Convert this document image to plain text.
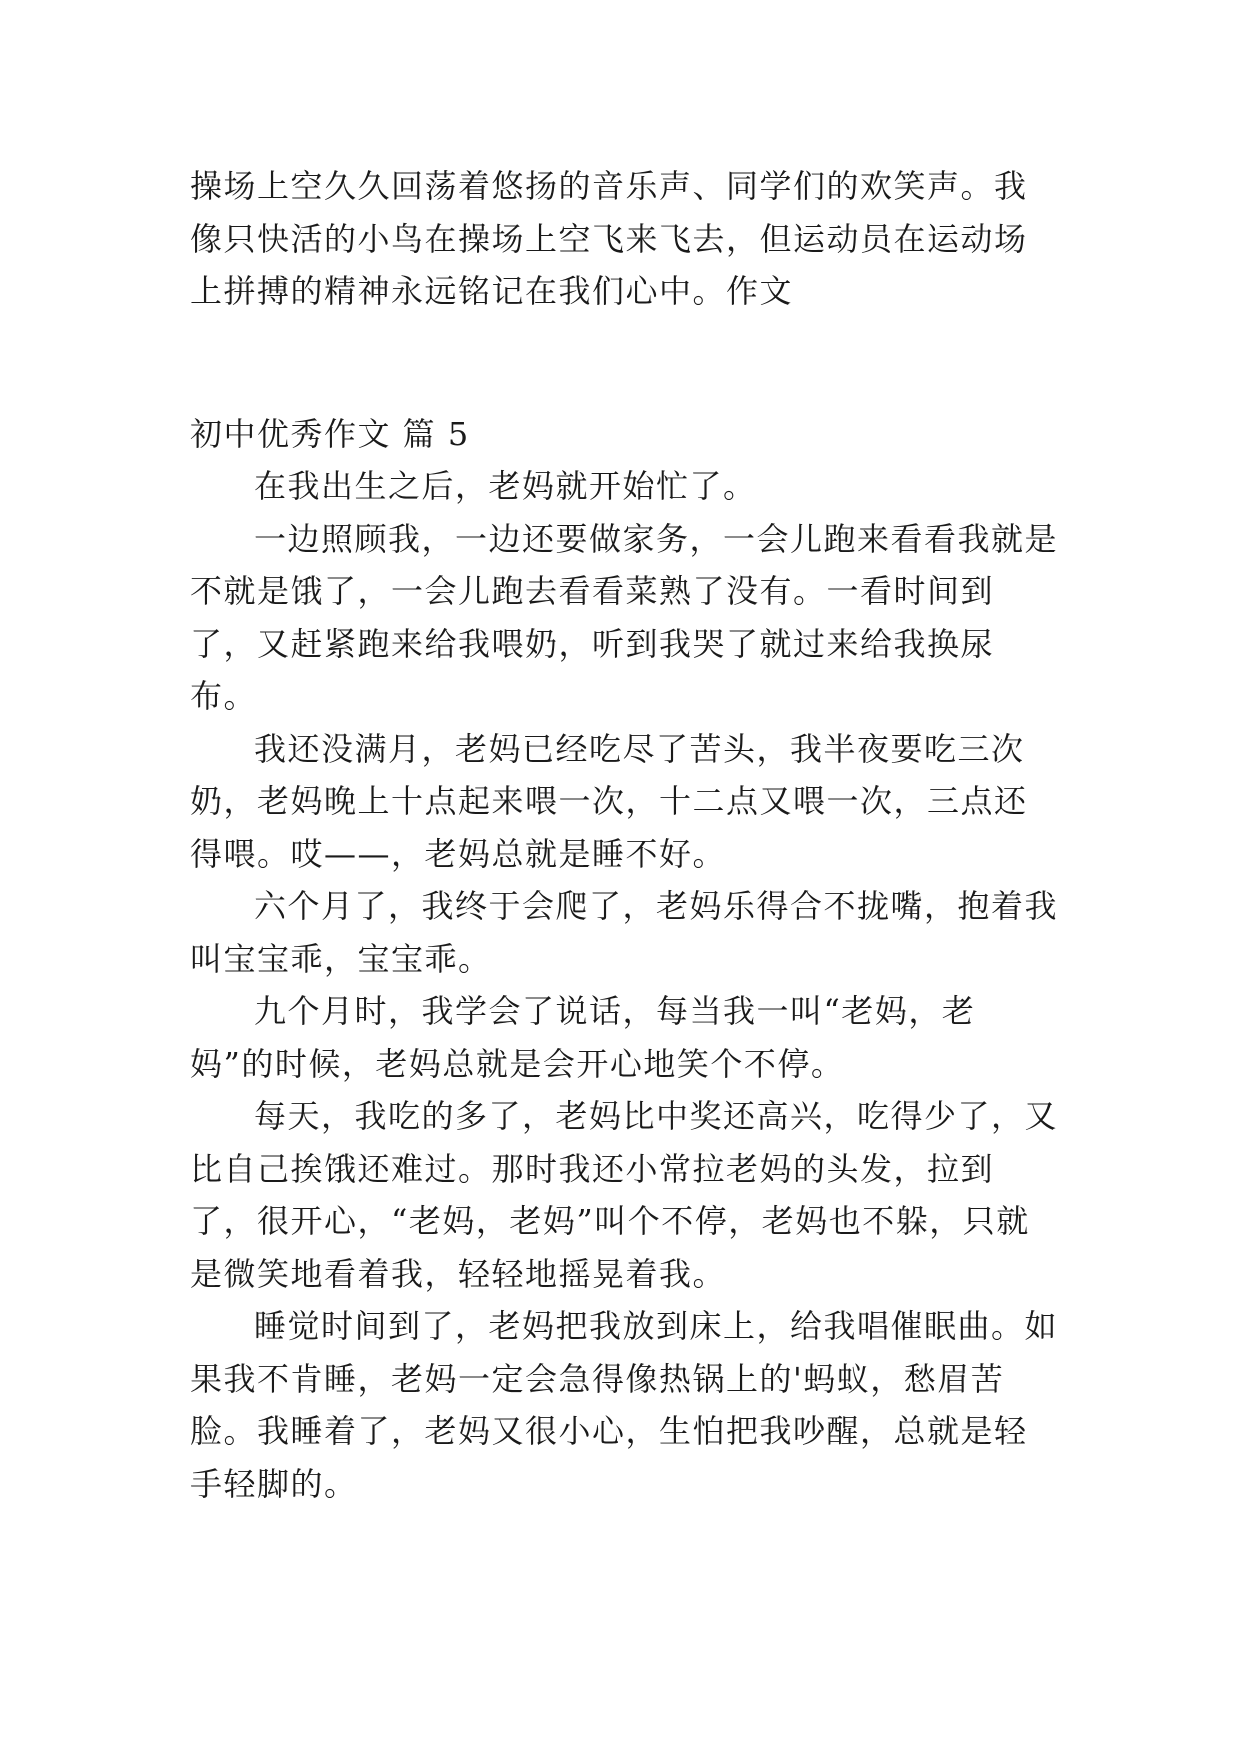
操场上空久久回荡着悠扬的音乐声、同学们的欢笑声。我像只快活的小鸟在操场上空飞来飞去，但运动员在运动场上拼搏的精神永远铭记在我们心中。作文

初中优秀作文 篇 5

在我出生之后，老妈就开始忙了。

一边照顾我，一边还要做家务，一会儿跑来看看我就是不就是饿了，一会儿跑去看看菜熟了没有。一看时间到了，又赶紧跑来给我喂奶，听到我哭了就过来给我换尿布。

我还没满月，老妈已经吃尽了苦头，我半夜要吃三次奶，老妈晚上十点起来喂一次，十二点又喂一次，三点还得喂。哎——，老妈总就是睡不好。

六个月了，我终于会爬了，老妈乐得合不拢嘴，抱着我叫宝宝乖，宝宝乖。

九个月时，我学会了说话，每当我一叫“老妈，老妈”的时候，老妈总就是会开心地笑个不停。

每天，我吃的多了，老妈比中奖还高兴，吃得少了，又比自己挨饿还难过。那时我还小常拉老妈的头发，拉到了，很开心，“老妈，老妈”叫个不停，老妈也不躲，只就是微笑地看着我，轻轻地摇晃着我。

睡觉时间到了，老妈把我放到床上，给我唱催眠曲。如果我不肯睡，老妈一定会急得像热锅上的'蚂蚁，愁眉苦脸。我睡着了，老妈又很小心，生怕把我吵醒，总就是轻手轻脚的。
